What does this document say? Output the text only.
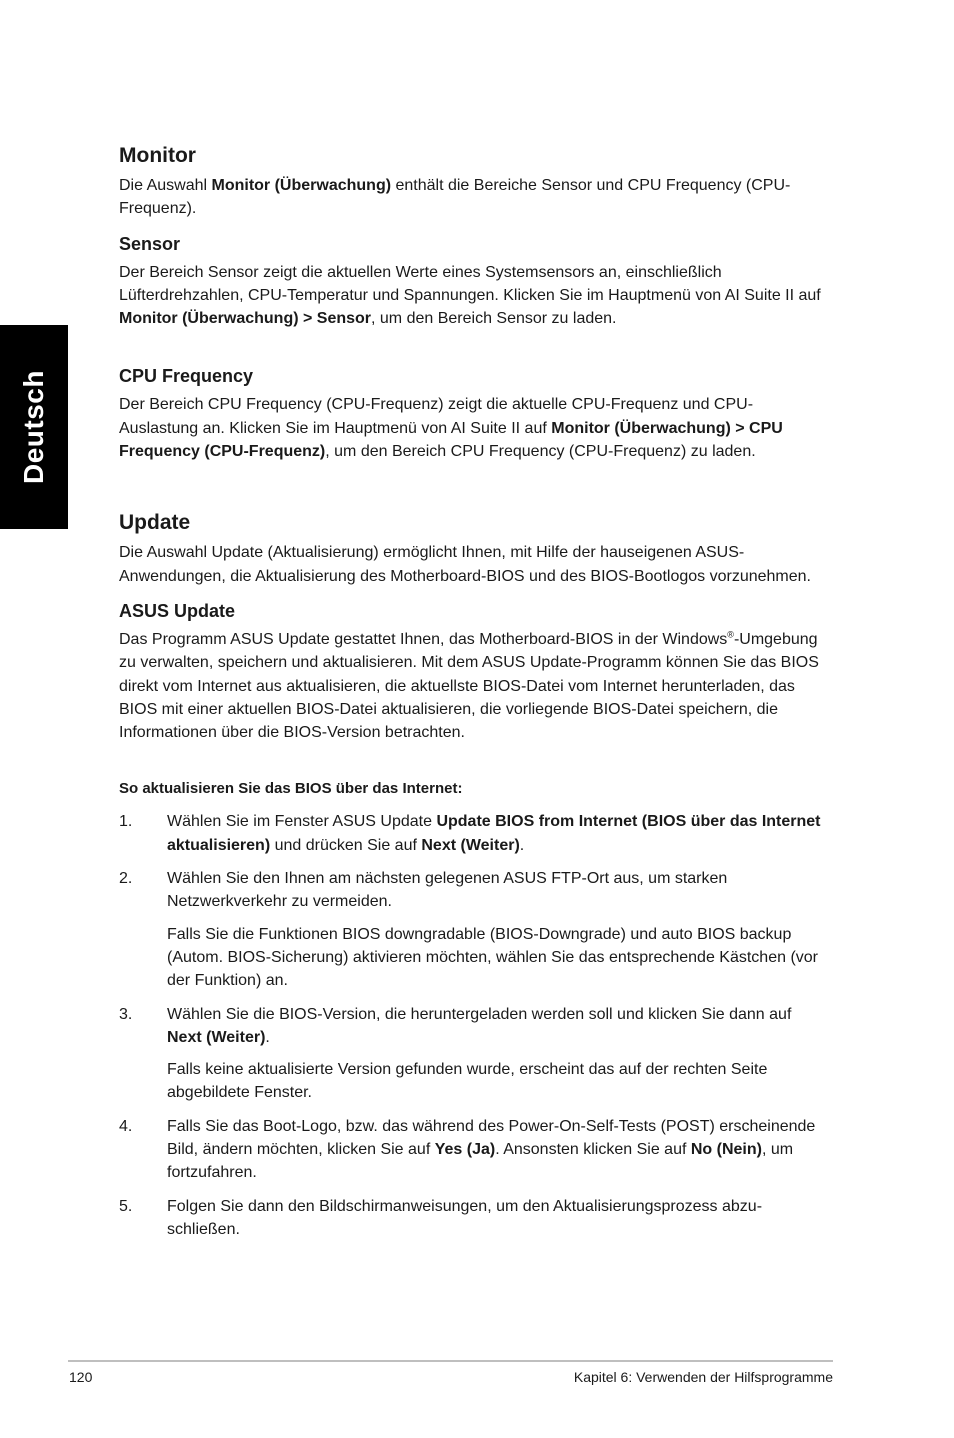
Deutsch
Monitor

Die Auswahl Monitor (Überwachung) enthält die Bereiche Sensor und CPU Frequency (CPU-Frequenz).

Sensor

Der Bereich Sensor zeigt die aktuellen Werte eines Systemsensors an, einschließlich Lüfterdrehzahlen, CPU-Temperatur und Spannungen. Klicken Sie im Hauptmenü von AI Suite II auf Monitor (Überwachung) > Sensor, um den Bereich Sensor zu laden.

CPU Frequency

Der Bereich CPU Frequency (CPU-Frequenz) zeigt die aktuelle CPU-Frequenz und CPU-Auslastung an. Klicken Sie im Hauptmenü von AI Suite II auf Monitor (Überwachung) > CPU Frequency (CPU-Frequenz), um den Bereich CPU Frequency (CPU-Frequenz) zu laden.

Update

Die Auswahl Update (Aktualisierung) ermöglicht Ihnen, mit Hilfe der hauseigenen ASUS-Anwendungen, die Aktualisierung des Motherboard-BIOS und des BIOS-Bootlogos vorzunehmen.

ASUS Update

Das Programm ASUS Update gestattet Ihnen, das Motherboard-BIOS in der Windows®-Umgebung zu verwalten, speichern und aktualisieren. Mit dem ASUS Update-Programm können Sie das BIOS direkt vom Internet aus aktualisieren, die aktuellste BIOS-Datei vom Internet herunterladen, das BIOS mit einer aktuellen BIOS-Datei aktualisieren, die vorliegende BIOS-Datei speichern, die Informationen über die BIOS-Version betrachten.

So aktualisieren Sie das BIOS über das Internet:
1. Wählen Sie im Fenster ASUS Update Update BIOS from Internet (BIOS über das Internet aktualisieren) und drücken Sie auf Next (Weiter).

2. Wählen Sie den Ihnen am nächsten gelegenen ASUS FTP-Ort aus, um starken Netzwerkverkehr zu vermeiden.

Falls Sie die Funktionen BIOS downgradable (BIOS-Downgrade) und auto BIOS backup (Autom. BIOS-Sicherung) aktivieren möchten, wählen Sie das entsprechende Kästchen (vor der Funktion) an.

3. Wählen Sie die BIOS-Version, die heruntergeladen werden soll und klicken Sie dann auf Next (Weiter).

Falls keine aktualisierte Version gefunden wurde, erscheint das auf der rechten Seite abgebildete Fenster.

4. Falls Sie das Boot-Logo, bzw. das während des Power-On-Self-Tests (POST) erscheinende Bild, ändern möchten, klicken Sie auf Yes (Ja). Ansonsten klicken Sie auf No (Nein), um fortzufahren.

5. Folgen Sie dann den Bildschirmanweisungen, um den Aktualisierungsprozess abzu-schließen.

120	Kapitel 6: Verwenden der Hilfsprogramme
